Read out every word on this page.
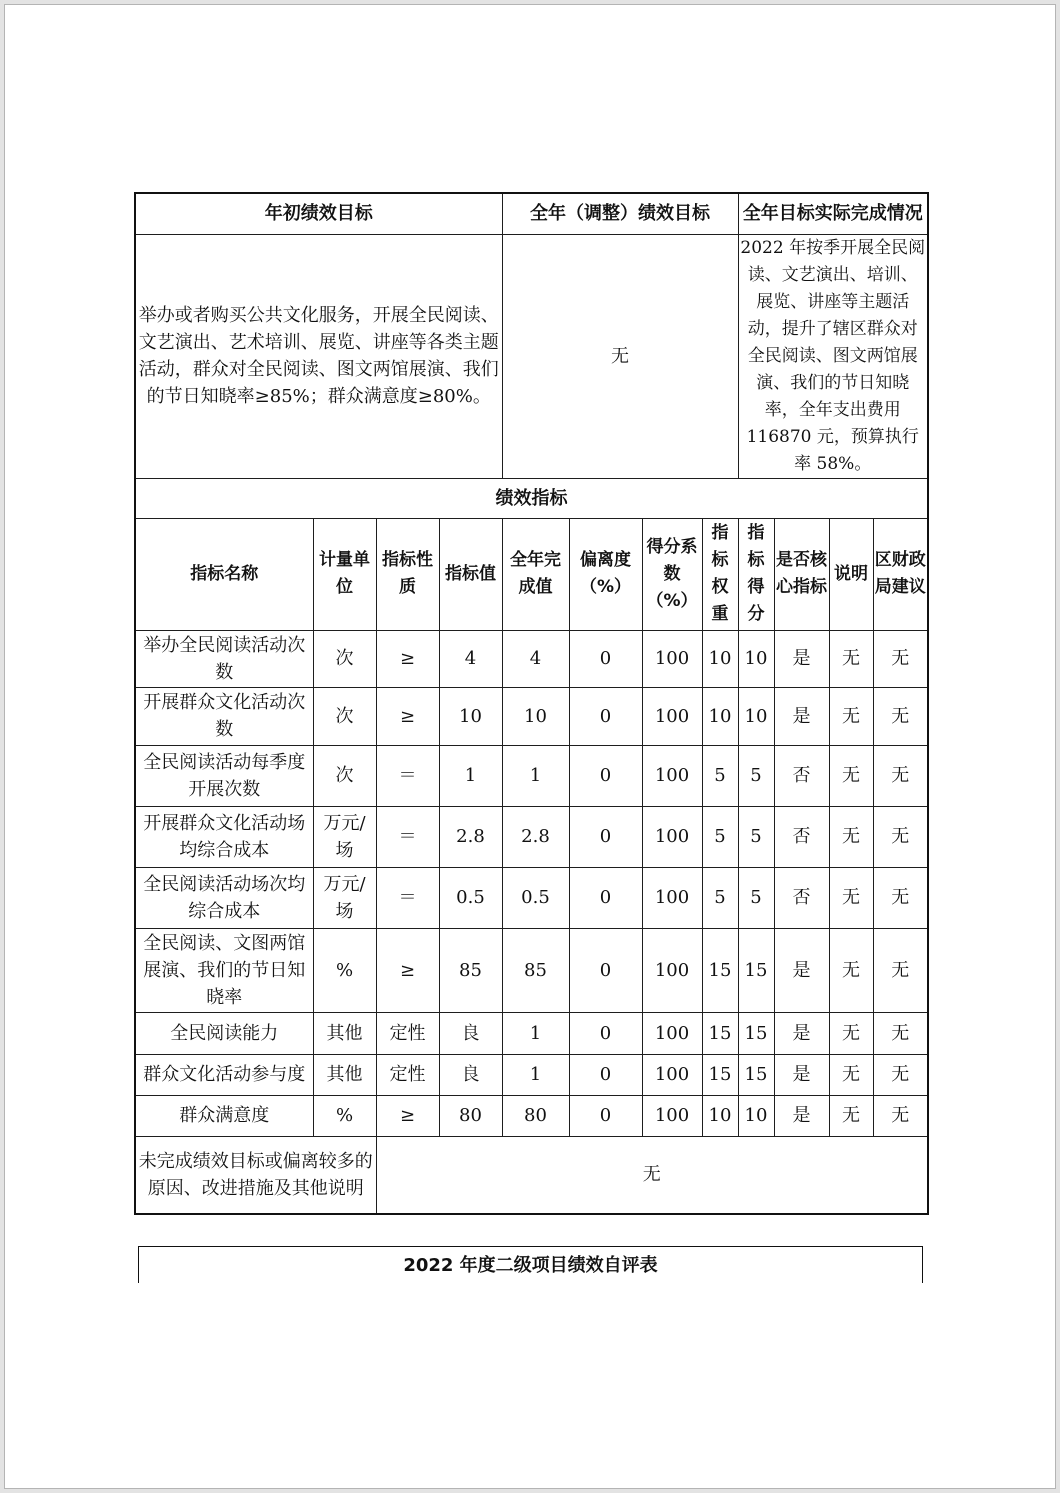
年初绩效目标				全年（调整）绩效目标				全年目标实际完成情况			
举办或者购买公共文化服务，开展全民阅读、文艺演出、艺术培训、展览、讲座等各类主题活动，群众对全民阅读、图文两馆展演、我们的节日知晓率≥85%；群众满意度≥80%。				无				2022 年按季开展全民阅读、文艺演出、培训、展览、讲座等主题活动，提升了辖区群众对全民阅读、图文两馆展演、我们的节日知晓率，全年支出费用 116870 元，预算执行率 58%。			
绩效指标											
指标名称	计量单位	指标性质	指标值	全年完成值	偏离度（%）	得分系数（%）	指标权重	指标得分	是否核心指标	说明	区财政局建议
举办全民阅读活动次数	次	≥	4	4	0	100	10	10	是	无	无
开展群众文化活动次数	次	≥	10	10	0	100	10	10	是	无	无
全民阅读活动每季度开展次数	次	＝	1	1	0	100	5	5	否	无	无
开展群众文化活动场均综合成本	万元/场	＝	2.8	2.8	0	100	5	5	否	无	无
全民阅读活动场次均综合成本	万元/场	＝	0.5	0.5	0	100	5	5	否	无	无
全民阅读、文图两馆展演、我们的节日知晓率	%	≥	85	85	0	100	15	15	是	无	无
全民阅读能力	其他	定性	良	1	0	100	15	15	是	无	无
群众文化活动参与度	其他	定性	良	1	0	100	15	15	是	无	无
群众满意度	%	≥	80	80	0	100	10	10	是	无	无
未完成绩效目标或偏离较多的原因、改进措施及其他说明		无									
2022 年度二级项目绩效自评表
